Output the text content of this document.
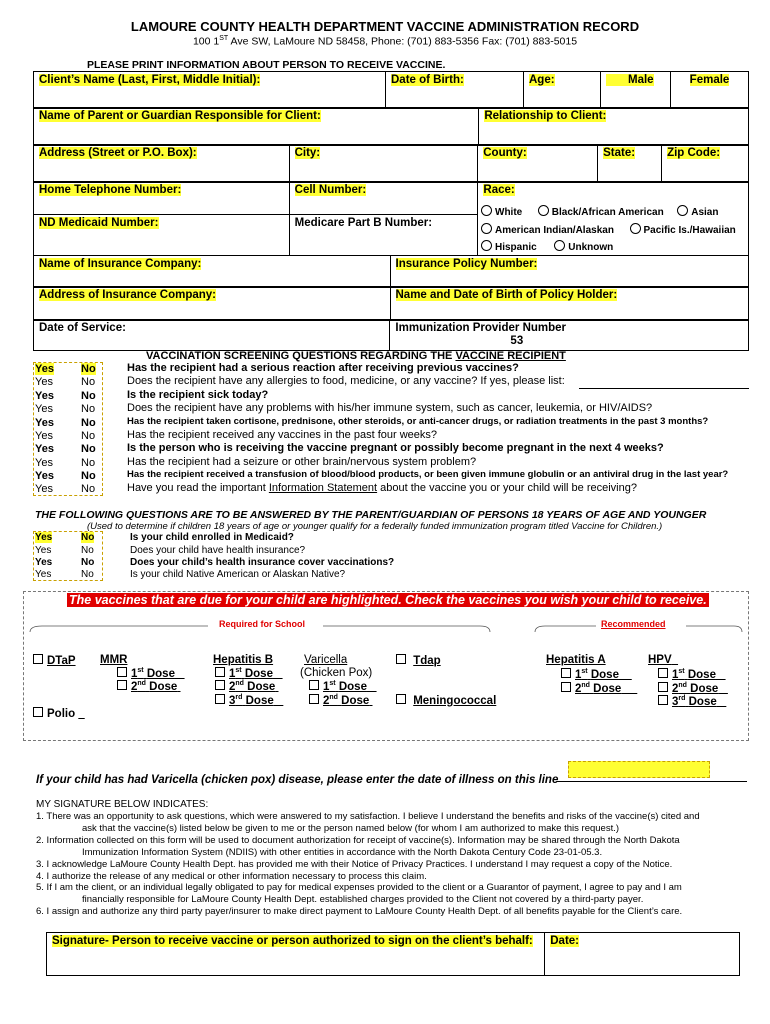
LAMOURE COUNTY HEALTH DEPARTMENT VACCINE ADMINISTRATION RECORD
100 1ST Ave SW, LaMoure ND 58458, Phone: (701) 883-5356 Fax: (701) 883-5015
PLEASE PRINT INFORMATION ABOUT PERSON TO RECEIVE VACCINE.
Client’s Name (Last, First, Middle Initial):	Date of Birth:	Age:	Male	Female
Name of Parent or Guardian Responsible for Client:	Relationship to Client:
Address (Street or P.O. Box):	City:	County:	State:	Zip Code:
Home Telephone Number:	Cell Number:	Race:
ND Medicaid Number:	Medicare Part B Number:	
White	Black/African American	Asian
American Indian/Alaskan	Pacific Is./Hawaiian
Hispanic	Unknown
Name of Insurance Company:	Insurance Policy Number:
Address of Insurance Company:	Name and Date of Birth of Policy Holder:
Date of Service:	Immunization Provider Number
53
VACCINATION SCREENING QUESTIONS REGARDING THE VACCINE RECIPIENT
Yes No	Has the recipient had a serious reaction after receiving previous vaccines?
Yes	No	Does the recipient have any allergies to food, medicine, or any vaccine? If yes, please list:
Yes No	Is the recipient sick today?
Yes	No	Does the recipient have any problems with his/her immune system, such as cancer, leukemia, or HIV/AIDS?
Yes No	Has the recipient taken cortisone, prednisone, other steroids, or anti-cancer drugs, or radiation treatments in the past 3 months?
Yes	No	Has the recipient received any vaccines in the past four weeks?
Yes No	Is the person who is receiving the vaccine pregnant or possibly become pregnant in the next 4 weeks?
Yes	No	Has the recipient had a seizure or other brain/nervous system problem?
Yes No	Has the recipient received a transfusion of blood/blood products, or been given immune globulin or an antiviral drug in the last year?
Yes	No	Have you read the important Information Statement about the vaccine you or your child will be receiving?
THE FOLLOWING QUESTIONS ARE TO BE ANSWERED BY THE PARENT/GUARDIAN OF PERSONS 18 YEARS OF AGE AND YOUNGER
(Used to determine if children 18 years of age or younger qualify for a federally funded immunization program titled Vaccine for Children.)
Yes	No	Is your child enrolled in Medicaid?
Yes	No	Does your child have health insurance?
Yes	No	Does your child’s health insurance cover vaccinations?
Yes	No	Is your child Native American or Alaskan Native?
The vaccines that are due for your child are highlighted. Check the vaccines you wish your child to receive.
Required for School	Recommended
DTaP MMR
1st Dose
2nd Dose
Hepatitis B
1st Dose
2nd Dose
3rd Dose
Varicella
(Chicken Pox)
1st Dose
2nd Dose
Tdap
Meningococcal
Hepatitis A
1st Dose
2nd Dose
HPV
1st Dose
2nd Dose
3rd Dose
Polio
If your child has had Varicella (chicken pox) disease, please enter the date of illness on this line
MY SIGNATURE BELOW INDICATES:
1. There was an opportunity to ask questions, which were answered to my satisfaction. I believe I understand the benefits and risks of the vaccine(s) cited and
ask that the vaccine(s) listed below be given to me or the person named below (for whom I am authorized to make this request.)
2. Information collected on this form will be used to document authorization for receipt of vaccine(s). Information may be shared through the North Dakota
Immunization Information System (NDIIS) with other entities in accordance with the North Dakota Century Code 23-01-05.3.
3. I acknowledge LaMoure County Health Dept. has provided me with their Notice of Privacy Practices. I understand I may request a copy of the Notice.
4. I authorize the release of any medical or other information necessary to process this claim.
5. If I am the client, or an individual legally obligated to pay for medical expenses provided to the client or a Guarantor of payment, I agree to pay and I am
financially responsible for LaMoure County Health Dept. established charges provided to the Client not covered by a third-party payer.
6. I assign and authorize any third party payer/insurer to make direct payment to LaMoure County Health Dept. of all benefits payable for the Client’s care.
Signature- Person to receive vaccine or person authorized to sign on the client’s behalf:	Date:
